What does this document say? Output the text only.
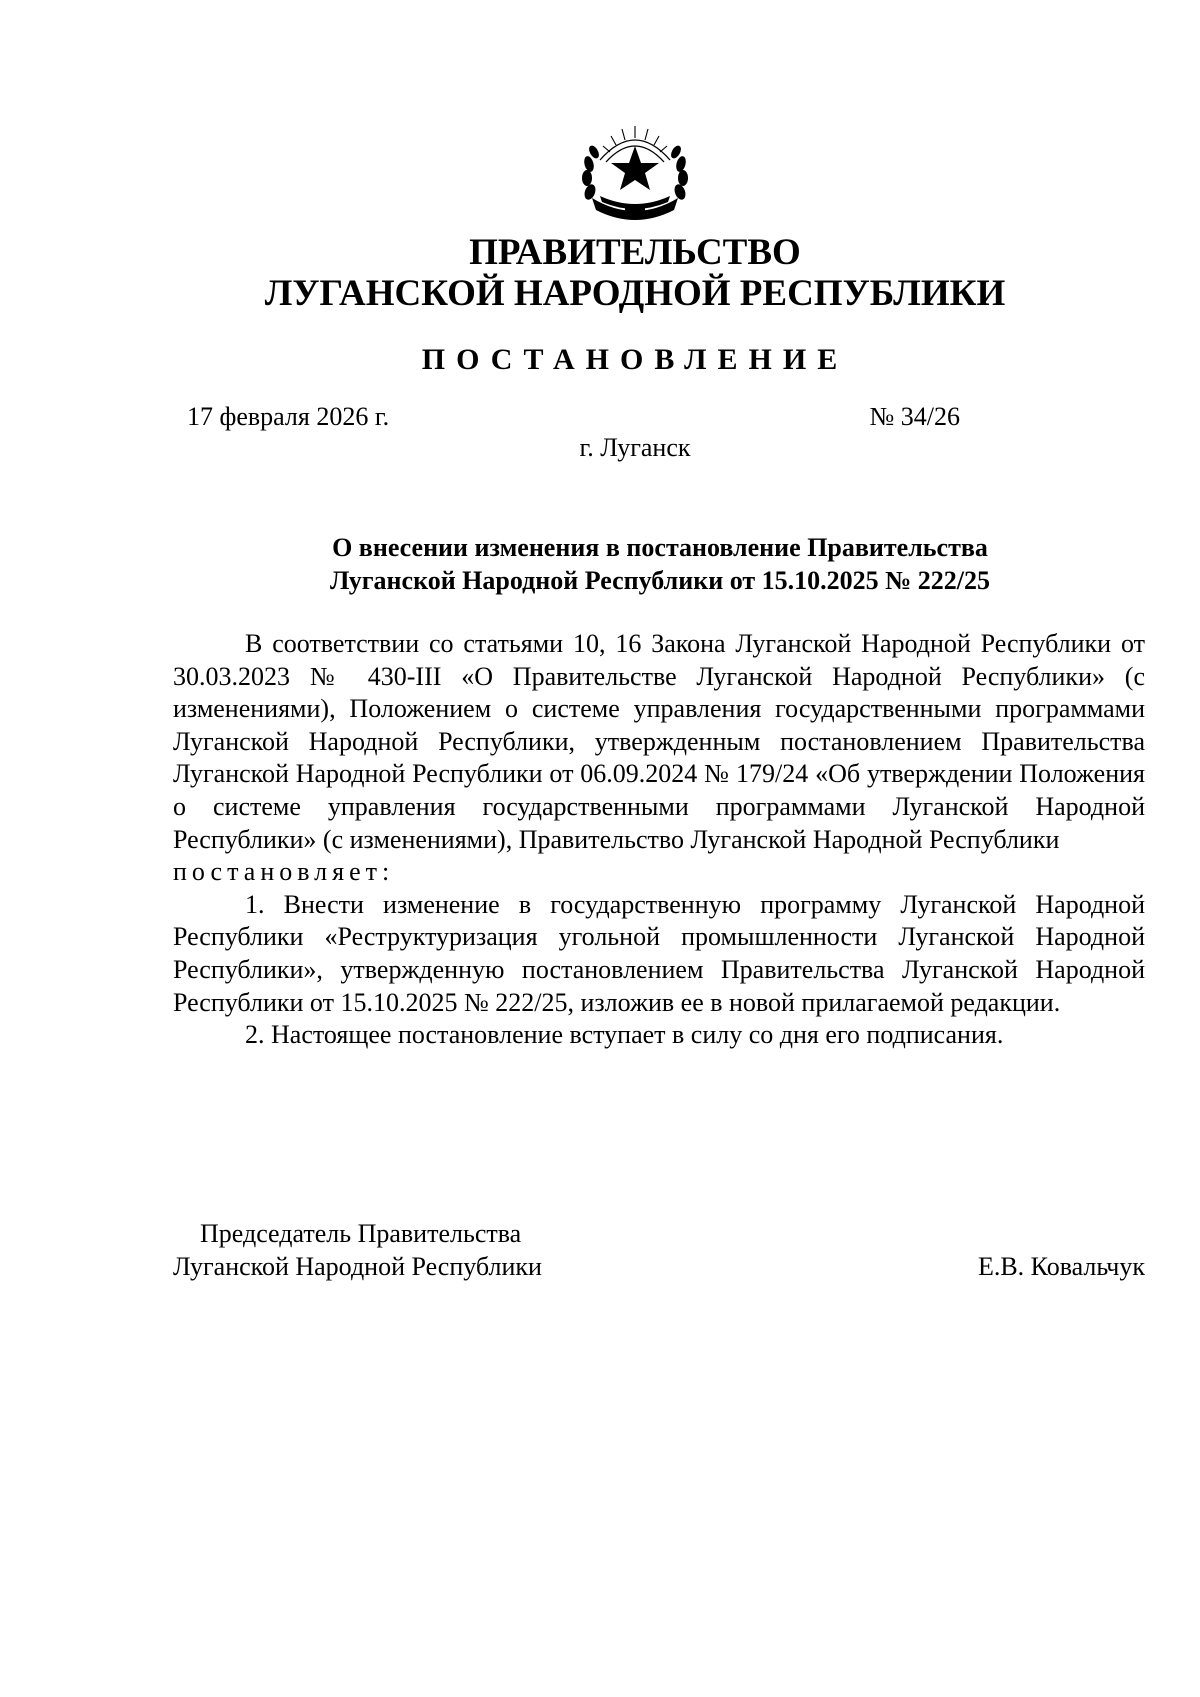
ПРАВИТЕЛЬСТВО
ЛУГАНСКОЙ НАРОДНОЙ РЕСПУБЛИКИ
ПОСТАНОВЛЕНИЕ
17 февраля 2026 г.	№ 34/26
г. Луганск
О внесении изменения в постановление Правительства
Луганской Народной Республики от 15.10.2025 № 222/25

В соответствии со статьями 10, 16 Закона Луганской Народной Республики от 30.03.2023 № 430-III «О Правительстве Луганской Народной Республики» (с изменениями), Положением о системе управления государственными программами Луганской Народной Республики, утвержденным постановлением Правительства Луганской Народной Республики от 06.09.2024 № 179/24 «Об утверждении Положения о системе управления государственными программами Луганской Народной Республики» (с изменениями), Правительство Луганской Народной Республики

постановляет:

1. Внести изменение в государственную программу Луганской Народной Республики «Реструктуризация угольной промышленности Луганской Народной Республики», утвержденную постановлением Правительства Луганской Народной Республики от 15.10.2025 № 222/25, изложив ее в новой прилагаемой редакции.

2. Настоящее постановление вступает в силу со дня его подписания.

Председатель Правительства
Луганской Народной Республики	Е.В. Ковальчук
